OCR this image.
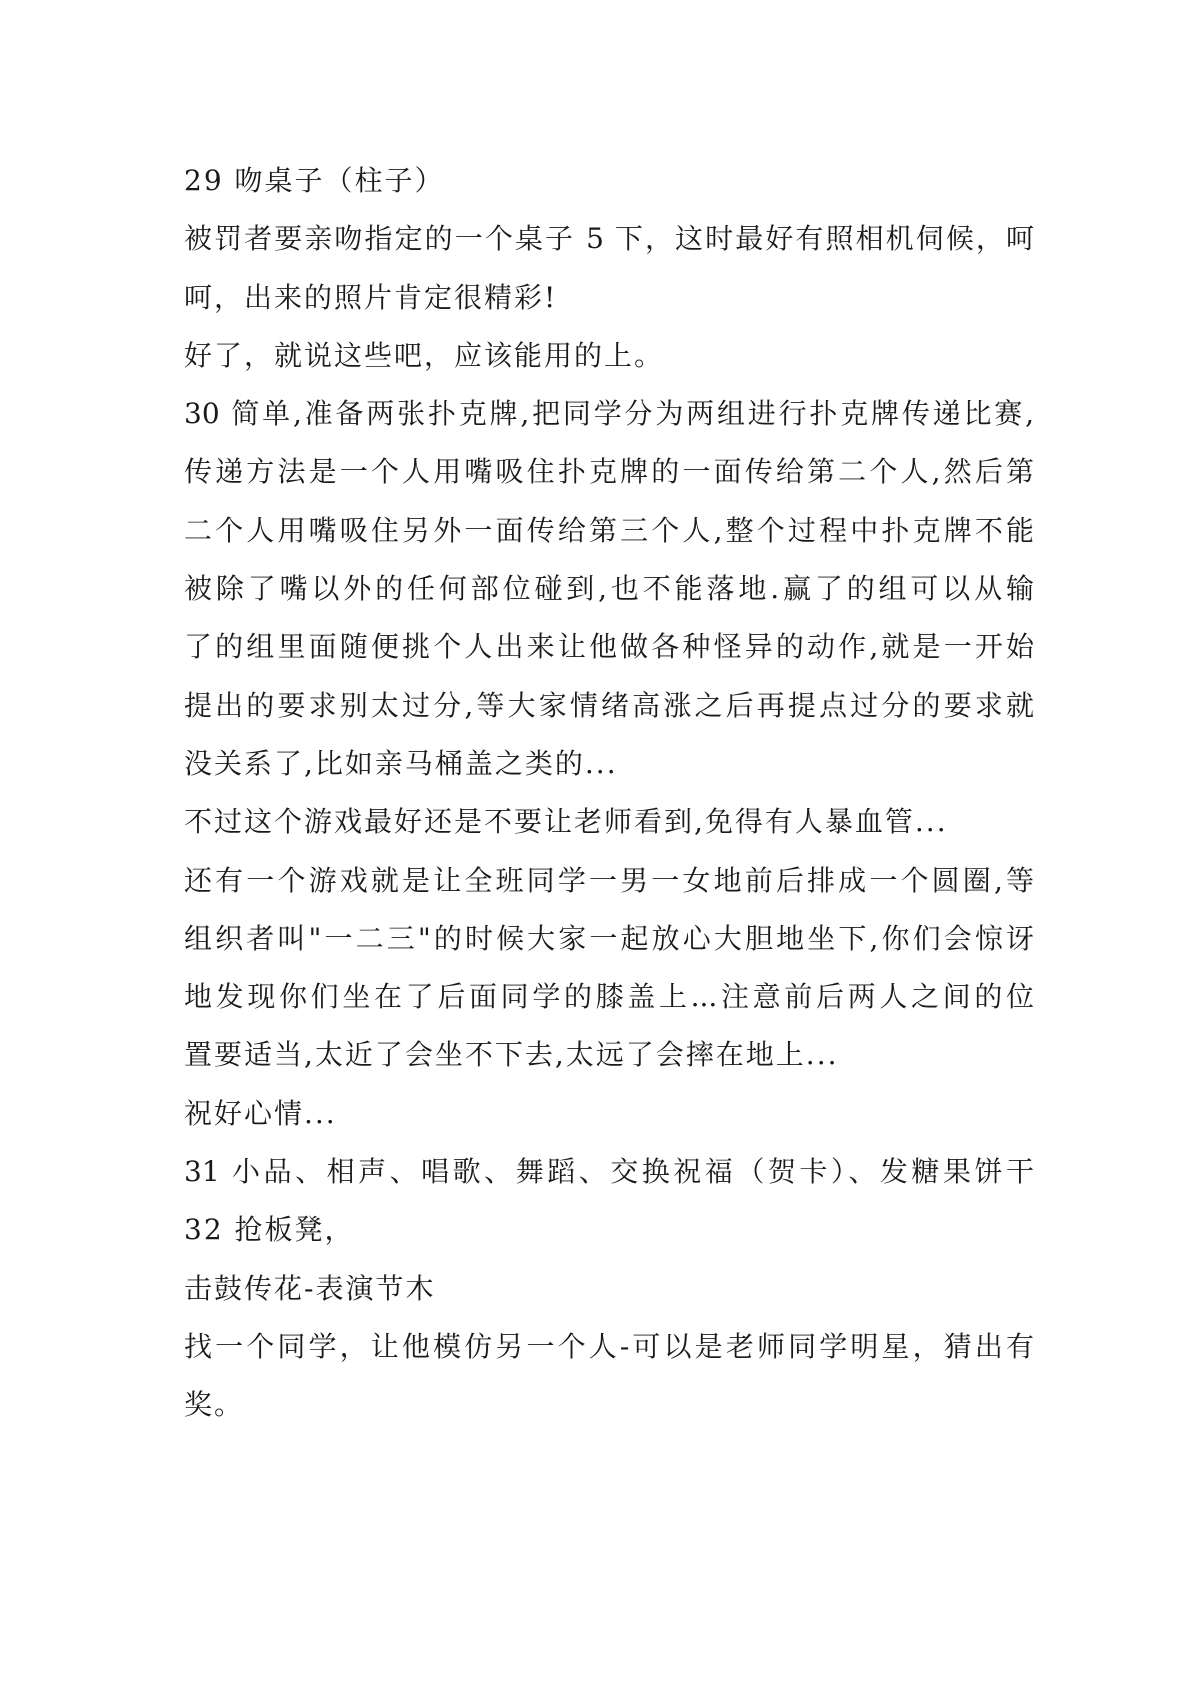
29 吻桌子（柱子）
被罚者要亲吻指定的一个桌子 5 下，这时最好有照相机伺候，呵
呵，出来的照片肯定很精彩!
好了，就说这些吧，应该能用的上。
30 简单,准备两张扑克牌,把同学分为两组进行扑克牌传递比赛,
传递方法是一个人用嘴吸住扑克牌的一面传给第二个人,然后第
二个人用嘴吸住另外一面传给第三个人,整个过程中扑克牌不能
被除了嘴以外的任何部位碰到,也不能落地.赢了的组可以从输
了的组里面随便挑个人出来让他做各种怪异的动作,就是一开始
提出的要求别太过分,等大家情绪高涨之后再提点过分的要求就
没关系了,比如亲马桶盖之类的...
不过这个游戏最好还是不要让老师看到,免得有人暴血管...
还有一个游戏就是让全班同学一男一女地前后排成一个圆圈,等
组织者叫"一二三"的时候大家一起放心大胆地坐下,你们会惊讶
地发现你们坐在了后面同学的膝盖上...注意前后两人之间的位
置要适当,太近了会坐不下去,太远了会摔在地上...
祝好心情...
31 小品、相声、唱歌、舞蹈、交换祝福（贺卡）、发糖果饼干
32 抢板凳，
击鼓传花-表演节木
找一个同学，让他模仿另一个人-可以是老师同学明星，猜出有
奖。
